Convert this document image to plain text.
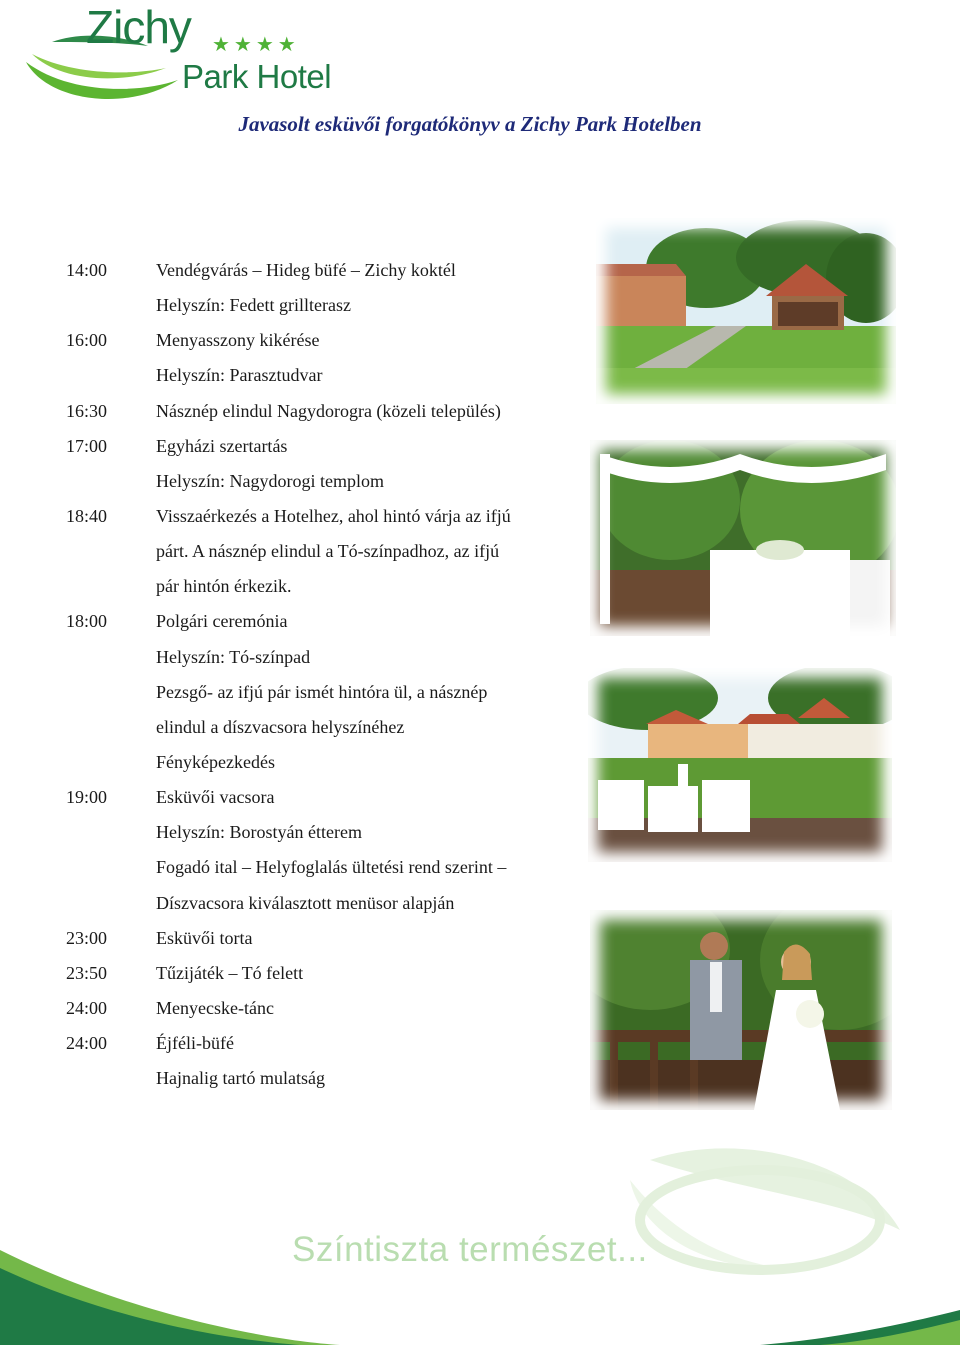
Zichy ★★★★
Park Hotel
Javasolt esküvői forgatókönyv a Zichy Park Hotelben
14:00	Vendégvárás – Hideg büfé – Zichy koktél
Helyszín: Fedett grillterasz
16:00	Menyasszony kikérése
Helyszín: Parasztudvar
16:30	Násznép elindul Nagydorogra (közeli település)
17:00	Egyházi szertartás
Helyszín: Nagydorogi templom
18:40	Visszaérkezés a Hotelhez, ahol hintó várja az ifjú
párt. A násznép elindul a Tó-színpadhoz, az ifjú
pár hintón érkezik.
18:00	Polgári ceremónia
Helyszín: Tó-színpad
Pezsgő- az ifjú pár ismét hintóra ül, a násznép
elindul a díszvacsora helyszínéhez
Fényképezkedés
19:00	Esküvői vacsora
Helyszín: Borostyán étterem
Fogadó ital – Helyfoglalás ültetési rend szerint –
Díszvacsora kiválasztott menüsor alapján
23:00	Esküvői torta
23:50	Tűzijáték – Tó felett
24:00	Menyecske-tánc
24:00	Éjféli-büfé
Hajnalig tartó mulatság
Színtiszta természet...
